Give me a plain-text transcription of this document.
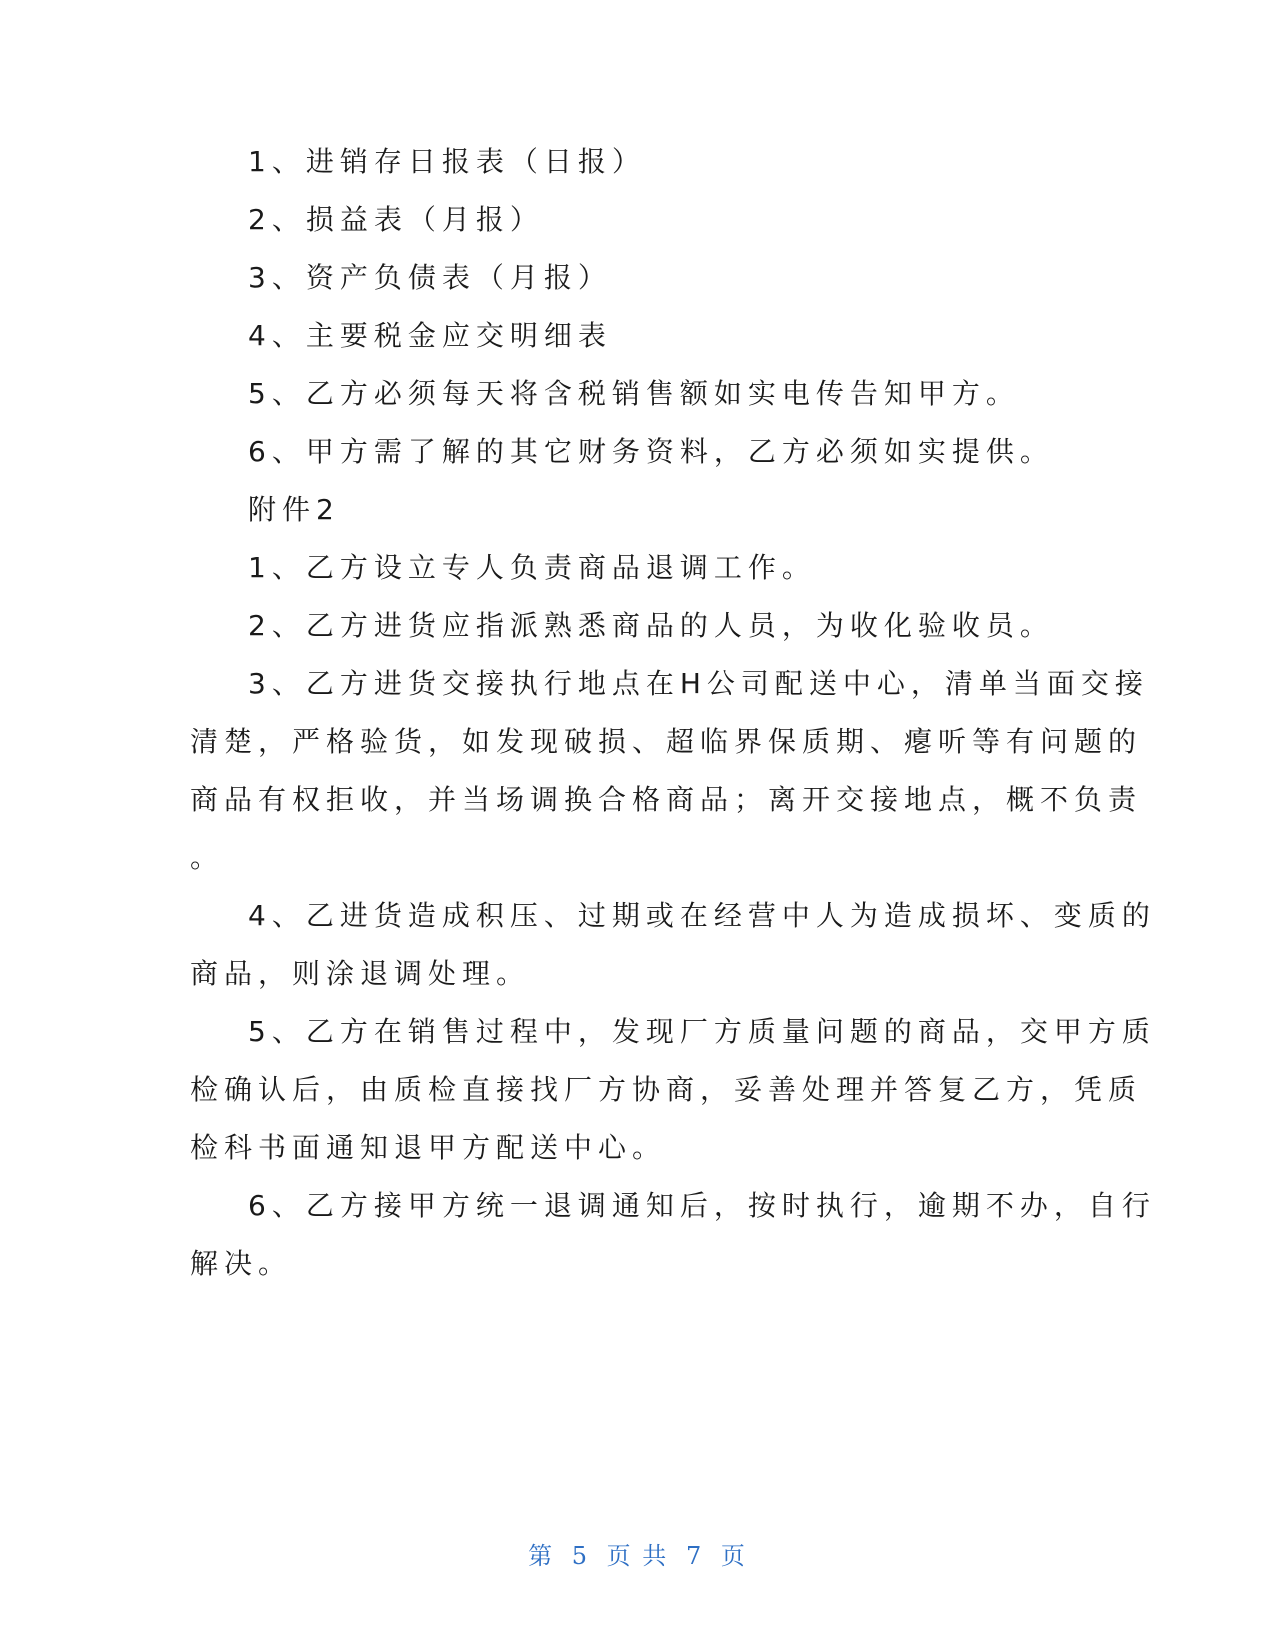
1、进销存日报表（日报）
2、损益表（月报）
3、资产负债表（月报）
4、主要税金应交明细表
5、乙方必须每天将含税销售额如实电传告知甲方。
6、甲方需了解的其它财务资料，乙方必须如实提供。
附件2
1、乙方设立专人负责商品退调工作。
2、乙方进货应指派熟悉商品的人员，为收化验收员。
3、乙方进货交接执行地点在H公司配送中心，清单当面交接
清楚，严格验货，如发现破损、超临界保质期、瘪听等有问题的
商品有权拒收，并当场调换合格商品；离开交接地点，概不负责
。
4、乙进货造成积压、过期或在经营中人为造成损坏、变质的
商品，则涂退调处理。
5、乙方在销售过程中，发现厂方质量问题的商品，交甲方质
检确认后，由质检直接找厂方协商，妥善处理并答复乙方，凭质
检科书面通知退甲方配送中心。
6、乙方接甲方统一退调通知后，按时执行，逾期不办，自行
解决。
第 5 页 共 7 页
